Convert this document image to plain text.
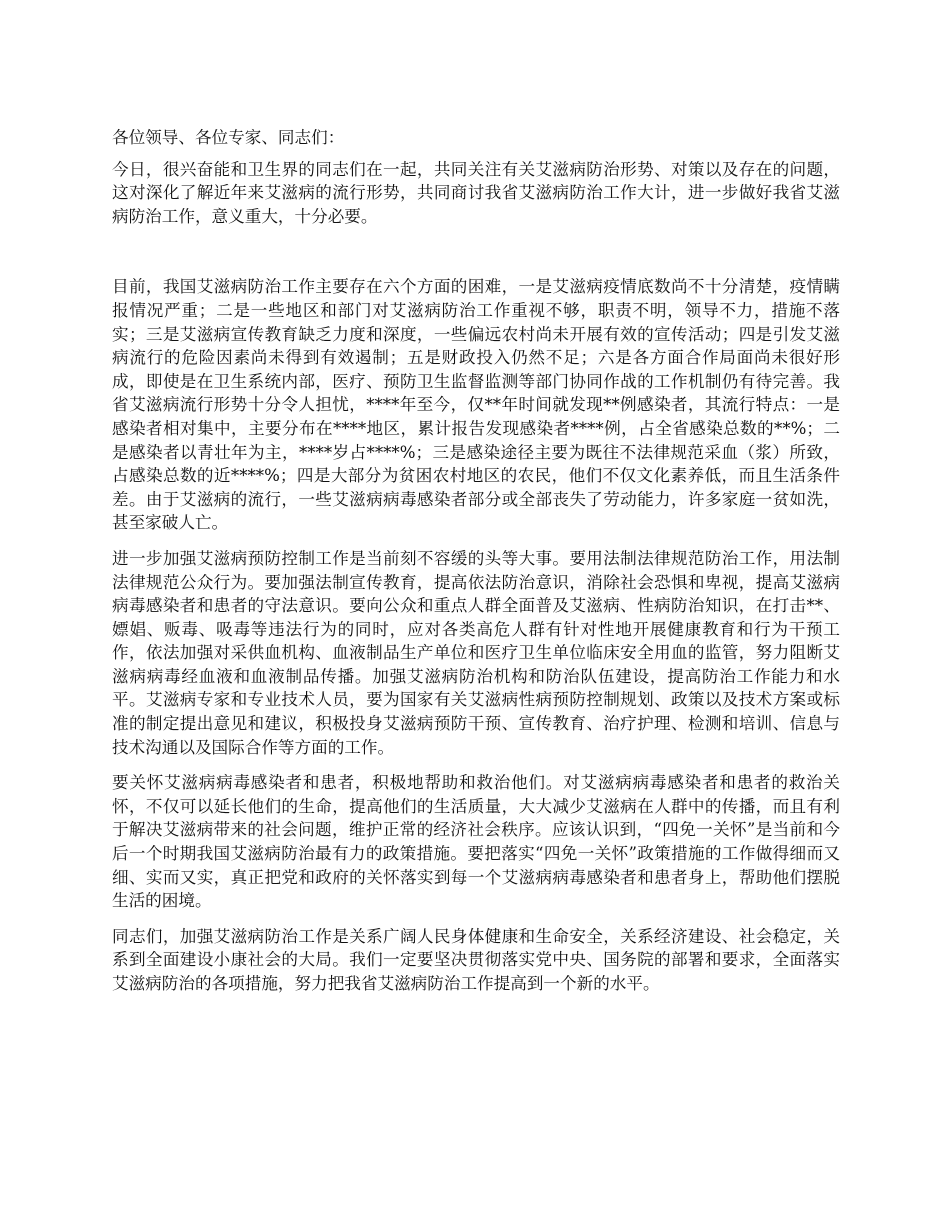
各位领导、各位专家、同志们：

今日，很兴奋能和卫生界的同志们在一起，共同关注有关艾滋病防治形势、对策以及存在的问题，这对深化了解近年来艾滋病的流行形势，共同商讨我省艾滋病防治工作大计，进一步做好我省艾滋病防治工作，意义重大，十分必要。

目前，我国艾滋病防治工作主要存在六个方面的困难，一是艾滋病疫情底数尚不十分清楚，疫情瞒报情况严重；二是一些地区和部门对艾滋病防治工作重视不够，职责不明，领导不力，措施不落实；三是艾滋病宣传教育缺乏力度和深度，一些偏远农村尚未开展有效的宣传活动；四是引发艾滋病流行的危险因素尚未得到有效遏制；五是财政投入仍然不足；六是各方面合作局面尚未很好形成，即使是在卫生系统内部，医疗、预防卫生监督监测等部门协同作战的工作机制仍有待完善。我省艾滋病流行形势十分令人担忧，****年至今，仅**年时间就发现**例感染者，其流行特点：一是感染者相对集中，主要分布在****地区，累计报告发现感染者****例，占全省感染总数的**%；二是感染者以青壮年为主，****岁占****%；三是感染途径主要为既往不法律规范采血（浆）所致，占感染总数的近****%；四是大部分为贫困农村地区的农民，他们不仅文化素养低，而且生活条件差。由于艾滋病的流行，一些艾滋病病毒感染者部分或全部丧失了劳动能力，许多家庭一贫如洗，甚至家破人亡。

进一步加强艾滋病预防控制工作是当前刻不容缓的头等大事。要用法制法律规范防治工作，用法制法律规范公众行为。要加强法制宣传教育，提高依法防治意识，消除社会恐惧和卑视，提高艾滋病病毒感染者和患者的守法意识。要向公众和重点人群全面普及艾滋病、性病防治知识，在打击**、嫖娼、贩毒、吸毒等违法行为的同时，应对各类高危人群有针对性地开展健康教育和行为干预工作，依法加强对采供血机构、血液制品生产单位和医疗卫生单位临床安全用血的监管，努力阻断艾滋病病毒经血液和血液制品传播。加强艾滋病防治机构和防治队伍建设，提高防治工作能力和水平。艾滋病专家和专业技术人员，要为国家有关艾滋病性病预防控制规划、政策以及技术方案或标准的制定提出意见和建议，积极投身艾滋病预防干预、宣传教育、治疗护理、检测和培训、信息与技术沟通以及国际合作等方面的工作。

要关怀艾滋病病毒感染者和患者，积极地帮助和救治他们。对艾滋病病毒感染者和患者的救治关怀，不仅可以延长他们的生命，提高他们的生活质量，大大减少艾滋病在人群中的传播，而且有利于解决艾滋病带来的社会问题，维护正常的经济社会秩序。应该认识到，“四免一关怀”是当前和今后一个时期我国艾滋病防治最有力的政策措施。要把落实“四免一关怀”政策措施的工作做得细而又细、实而又实，真正把党和政府的关怀落实到每一个艾滋病病毒感染者和患者身上，帮助他们摆脱生活的困境。

同志们，加强艾滋病防治工作是关系广阔人民身体健康和生命安全，关系经济建设、社会稳定，关系到全面建设小康社会的大局。我们一定要坚决贯彻落实党中央、国务院的部署和要求，全面落实艾滋病防治的各项措施，努力把我省艾滋病防治工作提高到一个新的水平。
